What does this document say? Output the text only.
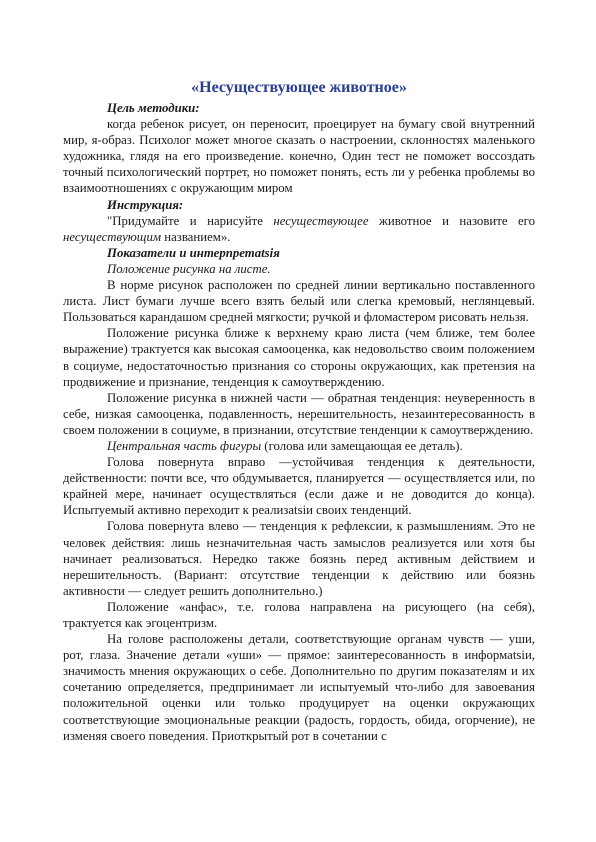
«Несуществующее животное»

Цель методики:

когда ребенок рисует, он переносит, проецирует на бумагу свой внутренний мир, я-образ. Психолог может многое сказать о настроении, склонностях маленького художника, глядя на его произведение. конечно, Один тест не поможет воссоздать точный психологический портрет, но поможет понять, есть ли у ребенка проблемы во взаимоотношениях с окружающим миром

Инструкция:

"Придумайте и нарисуйте несуществующее животное и назовите его несуществующим названием».

Показатели и интерпретatsія

Положение рисунка на листе.

В норме рисунок расположен по средней линии вертикально поставленного листа. Лист бумаги лучше всего взять белый или слегка кремовый, неглянцевый. Пользоваться карандашом средней мягкости; ручкой и фломастером рисовать нельзя.

Положение рисунка ближе к верхнему краю листа (чем ближе, тем более выражение) трактуется как высокая самооценка, как недовольство своим положением в социуме, недостаточностью признания со стороны окружающих, как претензия на продвижение и признание, тенденция к самоутверждению.

Положение рисунка в нижней части — обратная тенденция: неуверенность в себе, низкая самооценка, подавленность, нерешительность, незаинтересованность в своем положении в социуме, в признании, отсутствие тенденции к самоутверждению.

Центральная часть фигуры (голова или замещающая ее деталь).

Голова повернута вправо —устойчивая тенденция к деятельности, действенности: почти все, что обдумывается, планируется — осуществляется или, по крайней мере, начинает осуществляться (если даже и не доводится до конца). Испытуемый активно переходит к реализatsіи своих тенденций.

Голова повернута влево — тенденция к рефлексии, к размышлениям. Это не человек действия: лишь незначительная часть замыслов реализуется или хотя бы начинает реализоваться. Нередко также боязнь перед активным действием и нерешительность. (Вариант: отсутствие тенденции к действию или боязнь активности — следует решить дополнительно.)

Положение «анфас», т.е. голова направлена на рисующего (на себя), трактуется как эгоцентризм.

На голове расположены детали, соответствующие органам чувств — уши, рот, глаза. Значение детали «уши» — прямое: заинтересованность в информatsіи, значимость мнения окружающих о себе. Дополнительно по другим показателям и их сочетанию определяется, предпринимает ли испытуемый что-либо для завоевания положительной оценки или только продуцирует на оценки окружающих соответствующие эмоциональные реакции (радость, гордость, обида, огорчение), не изменяя своего поведения. Приоткрытый рот в сочетании с
